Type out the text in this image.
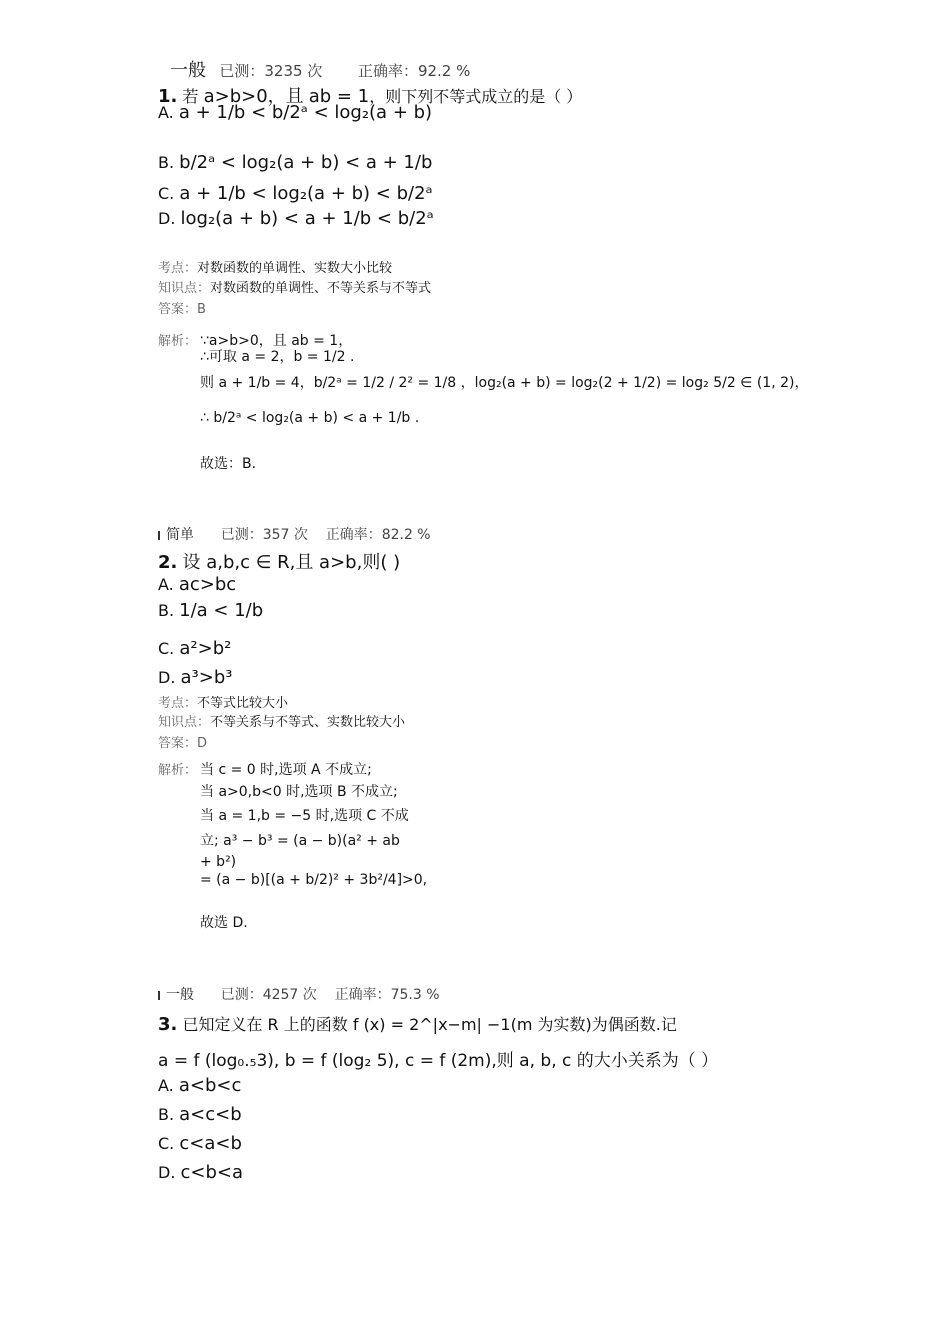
一般 已测：3235 次 正确率：92.2 %
1. 若 a>b>0，且 ab = 1，则下列不等式成立的是（ ）
A. a + 1/b < b/2ᵃ < log₂(a + b)
B. b/2ᵃ < log₂(a + b) < a + 1/b
C. a + 1/b < log₂(a + b) < b/2ᵃ
D. log₂(a + b) < a + 1/b < b/2ᵃ
考点：对数函数的单调性、实数大小比较
知识点：对数函数的单调性、不等关系与不等式
答案：B
解析： ∵a>b>0，且 ab = 1，
∴可取 a = 2，b = 1/2 .
则 a + 1/b = 4，b/2ᵃ = 1/2 / 2² = 1/8 ，log₂(a + b) = log₂(2 + 1/2) = log₂ 5/2 ∈ (1, 2)，
∴ b/2ᵃ < log₂(a + b) < a + 1/b .
故选：B.
简单 已测：357 次 正确率：82.2 %
2. 设 a,b,c ∈ R,且 a>b,则( )
A. ac>bc
B. 1/a < 1/b
C. a²>b²
D. a³>b³
考点：不等式比较大小
知识点：不等关系与不等式、实数比较大小
答案：D
解析： 当 c = 0 时,选项 A 不成立;
当 a>0,b<0 时,选项 B 不成立;
当 a = 1,b = −5 时,选项 C 不成
立; a³ − b³ = (a − b)(a² + ab
+ b²)
= (a − b)[(a + b/2)² + 3b²/4]>0,
故选 D.
一般 已测：4257 次 正确率：75.3 %
3. 已知定义在 R 上的函数 f (x) = 2^|x−m| −1(m 为实数)为偶函数.记
a = f (log₀.₅3), b = f (log₂ 5), c = f (2m),则 a, b, c 的大小关系为（ ）
A. a<b<c
B. a<c<b
C. c<a<b
D. c<b<a
